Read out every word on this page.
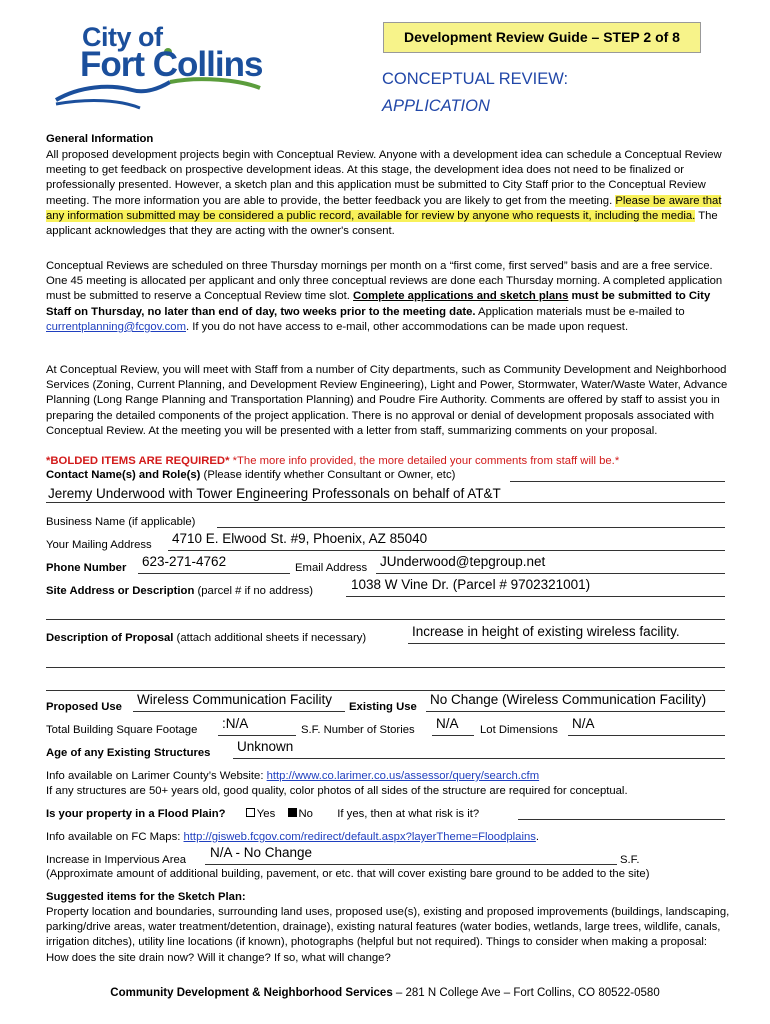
City of
Fort Collins
Development Review Guide – STEP 2 of 8
CONCEPTUAL REVIEW:
APPLICATION
General Information
All proposed development projects begin with Conceptual Review. Anyone with a development idea can schedule a Conceptual Review meeting to get feedback on prospective development ideas. At this stage, the development idea does not need to be finalized or professionally presented. However, a sketch plan and this application must be submitted to City Staff prior to the Conceptual Review meeting. The more information you are able to provide, the better feedback you are likely to get from the meeting. Please be aware that any information submitted may be considered a public record, available for review by anyone who requests it, including the media. The applicant acknowledges that they are acting with the owner's consent.
Conceptual Reviews are scheduled on three Thursday mornings per month on a “first come, first served” basis and are a free service. One 45 meeting is allocated per applicant and only three conceptual reviews are done each Thursday morning. A completed application must be submitted to reserve a Conceptual Review time slot. Complete applications and sketch plans must be submitted to City Staff on Thursday, no later than end of day, two weeks prior to the meeting date. Application materials must be e-mailed to currentplanning@fcgov.com. If you do not have access to e-mail, other accommodations can be made upon request.
At Conceptual Review, you will meet with Staff from a number of City departments, such as Community Development and Neighborhood Services (Zoning, Current Planning, and Development Review Engineering), Light and Power, Stormwater, Water/Waste Water, Advance Planning (Long Range Planning and Transportation Planning) and Poudre Fire Authority. Comments are offered by staff to assist you in preparing the detailed components of the project application. There is no approval or denial of development proposals associated with Conceptual Review. At the meeting you will be presented with a letter from staff, summarizing comments on your proposal.
*BOLDED ITEMS ARE REQUIRED* *The more info provided, the more detailed your comments from staff will be.*
Contact Name(s) and Role(s) (Please identify whether Consultant or Owner, etc)
Jeremy Underwood with Tower Engineering Professonals on behalf of AT&T
Business Name (if applicable)
Your Mailing Address 4710 E. Elwood St. #9, Phoenix, AZ 85040
Phone Number 623-271-4762	Email Address JUnderwood@tepgroup.net
Site Address or Description (parcel # if no address)	1038 W Vine Dr. (Parcel # 9702321001)
Description of Proposal (attach additional sheets if necessary)	Increase in height of existing wireless facility.
Proposed Use Wireless Communication Facility Existing Use No Change (Wireless Communication Facility)
Total Building Square Footage :N/A	S.F. Number of Stories N/A Lot Dimensions N/A
Age of any Existing Structures Unknown
Info available on Larimer County’s Website: http://www.co.larimer.co.us/assessor/query/search.cfm
If any structures are 50+ years old, good quality, color photos of all sides of the structure are required for conceptual.
Is your property in a Flood Plain?	Yes No If yes, then at what risk is it?
Info available on FC Maps: http://gisweb.fcgov.com/redirect/default.aspx?layerTheme=Floodplains.
Increase in Impervious Area N/A - No Change	S.F.
(Approximate amount of additional building, pavement, or etc. that will cover existing bare ground to be added to the site)
Suggested items for the Sketch Plan:
Property location and boundaries, surrounding land uses, proposed use(s), existing and proposed improvements (buildings, landscaping, parking/drive areas, water treatment/detention, drainage), existing natural features (water bodies, wetlands, large trees, wildlife, canals, irrigation ditches), utility line locations (if known), photographs (helpful but not required). Things to consider when making a proposal: How does the site drain now? Will it change? If so, what will change?
Community Development & Neighborhood Services – 281 N College Ave – Fort Collins, CO 80522-0580
